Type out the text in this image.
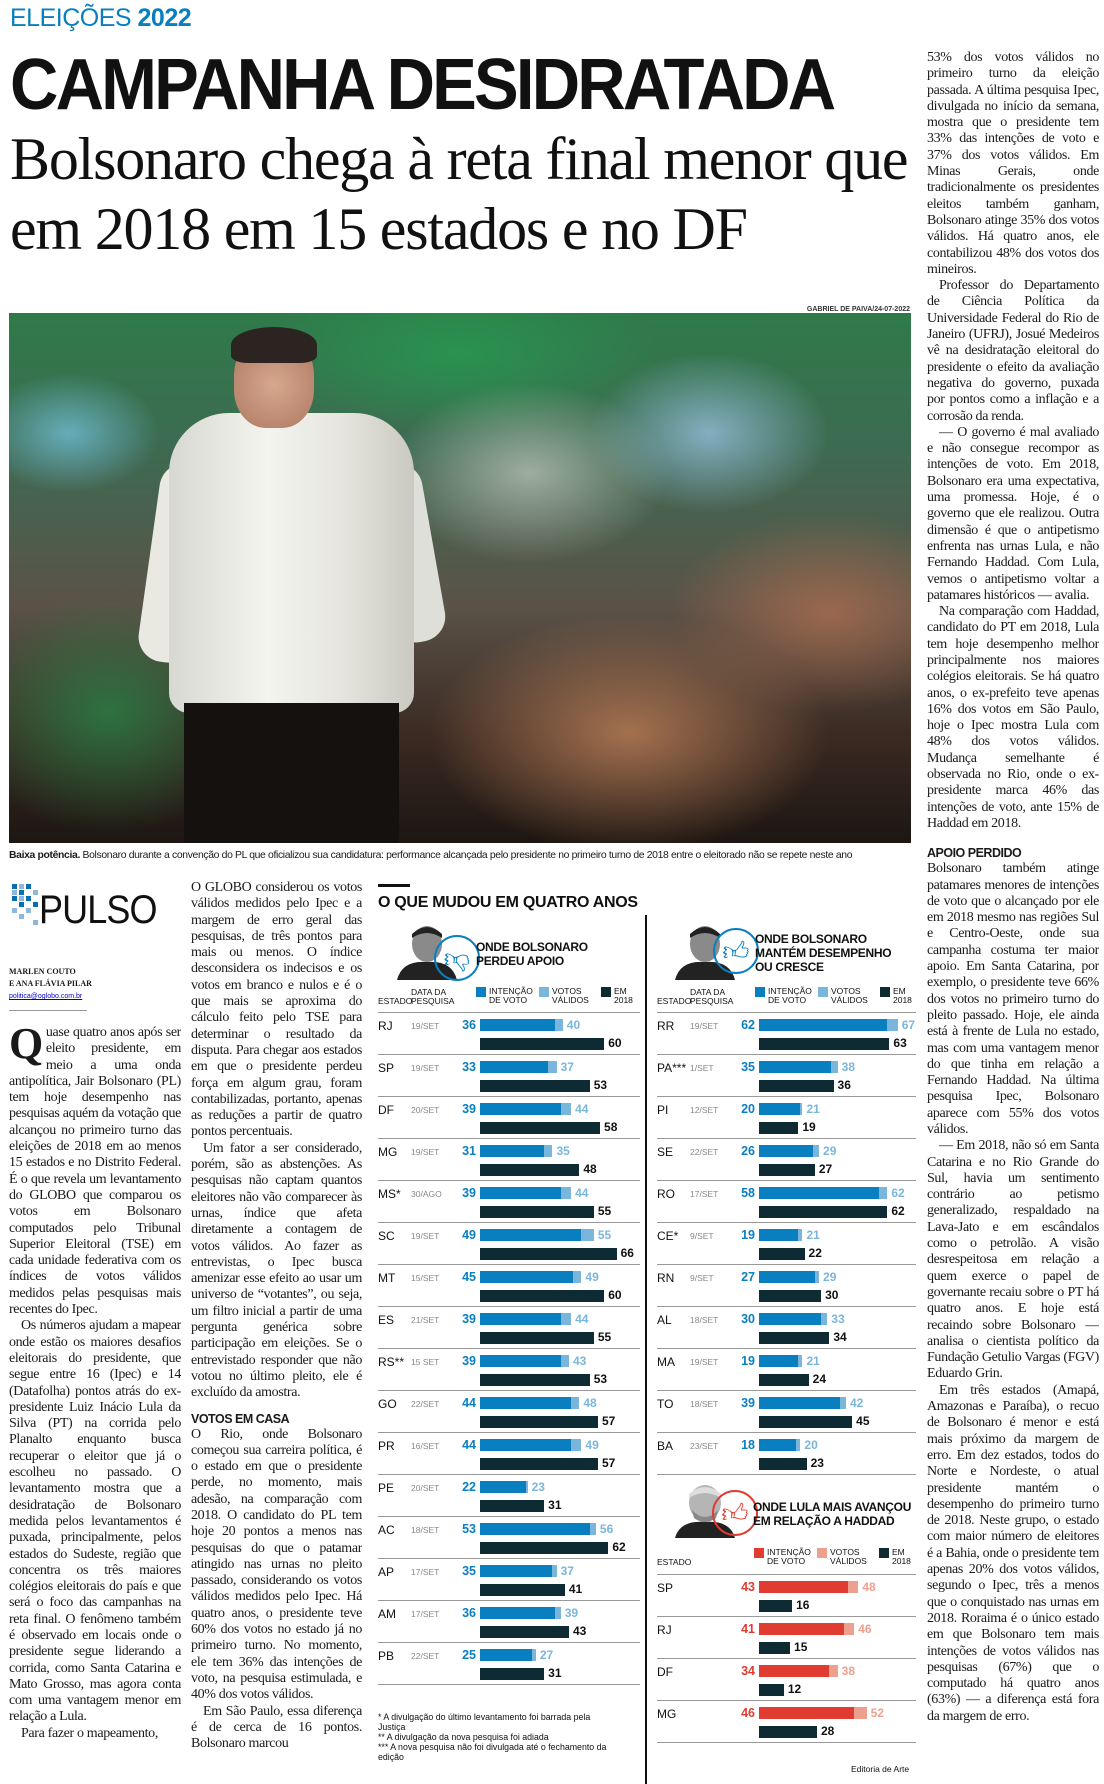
ELEIÇÕES 2022
CAMPANHA DESIDRATADA
Bolsonaro chega à reta final menor que em 2018 em 15 estados e no DF
GABRIEL DE PAIVA/24-07-2022
Baixa potência. Bolsonaro durante a convenção do PL que oficializou sua candidatura: performance alcançada pelo presidente no primeiro turno de 2018 entre o eleitorado não se repete neste ano
PULSO
MARLEN COUTO
E ANA FLÁVIA PILAR
politica@oglobo.com.br

Quase quatro anos após ser eleito presidente, em meio a uma onda antipolítica, Jair Bolsonaro (PL) tem hoje desempenho nas pesquisas aquém da votação que alcançou no primeiro turno das eleições de 2018 em ao menos 15 estados e no Distrito Federal. É o que revela um levantamento do GLOBO que comparou os votos em Bolsonaro computados pelo Tribunal Superior Eleitoral (TSE) em cada unidade federativa com os índices de votos válidos medidos pelas pesquisas mais recentes do Ipec.

Os números ajudam a mapear onde estão os maiores desafios eleitorais do presidente, que segue entre 16 (Ipec) e 14 (Datafolha) pontos atrás do ex-presidente Luiz Inácio Lula da Silva (PT) na corrida pelo Planalto enquanto busca recuperar o eleitor que já o escolheu no passado. O levantamento mostra que a desidratação de Bolsonaro medida pelos levantamentos é puxada, principalmente, pelos estados do Sudeste, região que concentra os três maiores colégios eleitorais do país e que será o foco das campanhas na reta final. O fenômeno também é observado em locais onde o presidente segue liderando a corrida, como Santa Catarina e Mato Grosso, mas agora conta com uma vantagem menor em relação a Lula.

Para fazer o mapeamento,

O GLOBO considerou os votos válidos medidos pelo Ipec e a margem de erro geral das pesquisas, de três pontos para mais ou menos. O índice desconsidera os indecisos e os votos em branco e nulos e é o que mais se aproxima do cálculo feito pelo TSE para determinar o resultado da disputa. Para chegar aos estados em que o presidente perdeu força em algum grau, foram contabilizadas, portanto, apenas as reduções a partir de quatro pontos percentuais.

Um fator a ser considerado, porém, são as abstenções. As pesquisas não captam quantos eleitores não vão comparecer às urnas, índice que afeta diretamente a contagem de votos válidos. Ao fazer as entrevistas, o Ipec busca amenizar esse efeito ao usar um universo de “votantes”, ou seja, um filtro inicial a partir de uma pergunta genérica sobre participação em eleições. Se o entrevistado responder que não votou no último pleito, ele é excluído da amostra.

VOTOS EM CASA

O Rio, onde Bolsonaro começou sua carreira política, é o estado em que o presidente perde, no momento, mais adesão, na comparação com 2018. O candidato do PL tem hoje 20 pontos a menos nas pesquisas do que o patamar atingido nas urnas no pleito passado, considerando os votos válidos medidos pelo Ipec. Há quatro anos, o presidente teve 60% dos votos no estado já no primeiro turno. No momento, ele tem 36% das intenções de voto, na pesquisa estimulada, e 40% dos votos válidos.

Em São Paulo, essa diferença é de cerca de 16 pontos. Bolsonaro marcou

53% dos votos válidos no primeiro turno da eleição passada. A última pesquisa Ipec, divulgada no início da semana, mostra que o presidente tem 33% das intenções de voto e 37% dos votos válidos. Em Minas Gerais, onde tradicionalmente os presidentes eleitos também ganham, Bolsonaro atinge 35% dos votos válidos. Há quatro anos, ele contabilizou 48% dos votos dos mineiros.

Professor do Departamento de Ciência Política da Universidade Federal do Rio de Janeiro (UFRJ), Josué Medeiros vê na desidratação eleitoral do presidente o efeito da avaliação negativa do governo, puxada por pontos como a inflação e a corrosão da renda.

— O governo é mal avaliado e não consegue recompor as intenções de voto. Em 2018, Bolsonaro era uma expectativa, uma promessa. Hoje, é o governo que ele realizou. Outra dimensão é que o antipetismo enfrenta nas urnas Lula, e não Fernando Haddad. Com Lula, vemos o antipetismo voltar a patamares históricos — avalia.

Na comparação com Haddad, candidato do PT em 2018, Lula tem hoje desempenho melhor principalmente nos maiores colégios eleitorais. Se há quatro anos, o ex-prefeito teve apenas 16% dos votos em São Paulo, hoje o Ipec mostra Lula com 48% dos votos válidos. Mudança semelhante é observada no Rio, onde o ex-presidente marca 46% das intenções de voto, ante 15% de Haddad em 2018.

APOIO PERDIDO

Bolsonaro também atinge patamares menores de intenções de voto que o alcançado por ele em 2018 mesmo nas regiões Sul e Centro-Oeste, onde sua campanha costuma ter maior apoio. Em Santa Catarina, por exemplo, o presidente teve 66% dos votos no primeiro turno do pleito passado. Hoje, ele ainda está à frente de Lula no estado, mas com uma vantagem menor do que tinha em relação a Fernando Haddad. Na última pesquisa Ipec, Bolsonaro aparece com 55% dos votos válidos.

— Em 2018, não só em Santa Catarina e no Rio Grande do Sul, havia um sentimento contrário ao petismo generalizado, respaldado na Lava-Jato e em escândalos como o petrolão. A visão desrespeitosa em relação a quem exerce o papel de governante recaiu sobre o PT há quatro anos. E hoje está recaindo sobre Bolsonaro — analisa o cientista político da Fundação Getulio Vargas (FGV) Eduardo Grin.

Em três estados (Amapá, Amazonas e Paraíba), o recuo de Bolsonaro é menor e está mais próximo da margem de erro. Em dez estados, todos do Norte e Nordeste, o atual presidente mantém o desempenho do primeiro turno de 2018. Neste grupo, o estado com maior número de eleitores é a Bahia, onde o presidente tem apenas 20% dos votos válidos, segundo o Ipec, três a menos que o conquistado nas urnas em 2018. Roraima é o único estado em que Bolsonaro tem mais intenções de votos válidos nas pesquisas (67%) que o computado há quatro anos (63%) — a diferença está fora da margem de erro.

O QUE MUDOU EM QUATRO ANOS
👎︎ ONDE BOLSONARO PERDEU APOIO
ESTADO
DATA DA
PESQUISA
INTENÇÃO
DE VOTO
VOTOS
VÁLIDOS
EM
2018
RJ 19/SET	36	40
60
SP 19/SET	33	37
53
DF 20/SET	39	44
58
MG 19/SET	31	35
48
MS* 30/AGO	39	44
55
SC 19/SET	49	55
66
MT 15/SET	45	49
60
ES 21/SET	39	44
55
RS** 15 SET	39	43
53
GO 22/SET	44	48
57
PR 16/SET	44	49
57
PE 20/SET	22	23
31
AC 18/SET	53	56
62
AP 17/SET	35	37
41
AM 17/SET	36	39
43
PB 22/SET	25	27
31
👍︎ ONDE BOLSONARO
MANTÉM DESEMPENHO
OU CRESCE
ESTADO
DATA DA
PESQUISA
INTENÇÃO
DE VOTO
VOTOS
VÁLIDOS
EM
2018
RR 19/SET	62	67
63
PA*** 1/SET	35	38
36
PI	12/SET	20	21
19
SE 22/SET	26	29
27
RO 17/SET	58	62
62
CE* 9/SET	19	21
22
RN 9/SET	27	29
30
AL 18/SET	30	33
34
MA 19/SET	19	21
24
TO 18/SET	39	42
45
BA 23/SET	18	20
23
👍︎ ONDE LULA MAIS AVANÇOU
EM RELAÇÃO A HADDAD
ESTADO
INTENÇÃO
DE VOTO
VOTOS
VÁLIDOS
EM
2018
SP	43	48
16
RJ	41	46
15
DF	34	38
12
MG	46	52
28
* A divulgação do último levantamento foi barrada pela Justiça
** A divulgação da nova pesquisa foi adiada
*** A nova pesquisa não foi divulgada até o fechamento da edição
Editoria de Arte
